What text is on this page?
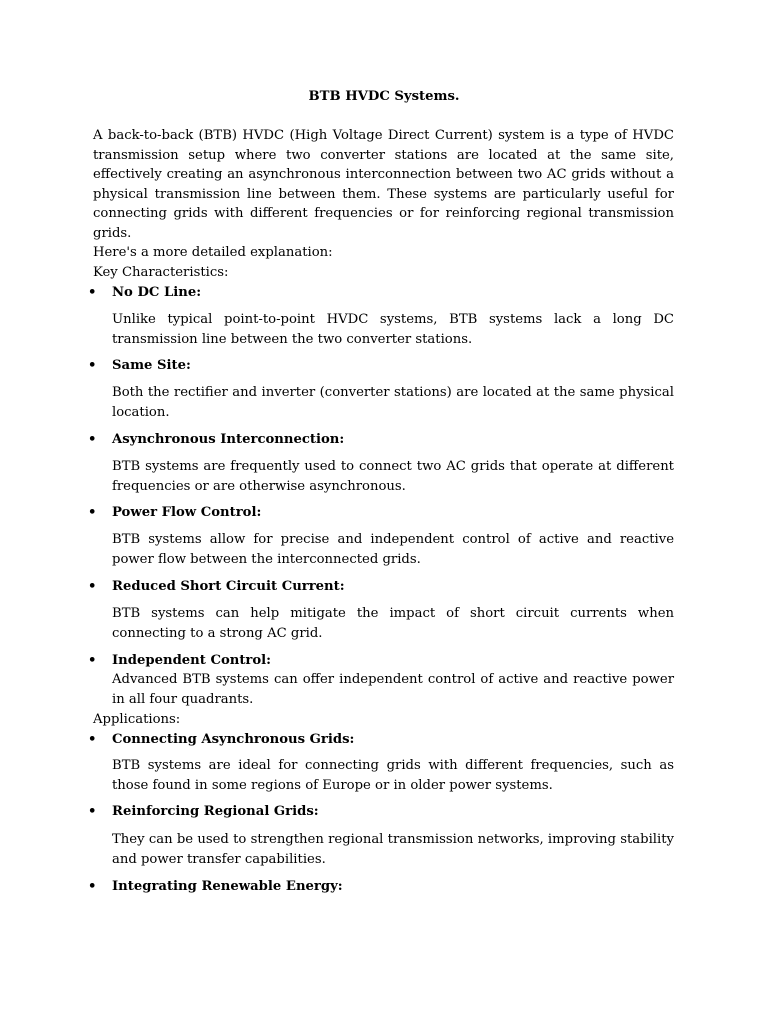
BTB HVDC Systems.

A back-to-back (BTB) HVDC (High Voltage Direct Current) system is a type of HVDC transmission setup where two converter stations are located at the same site, effectively creating an asynchronous interconnection between two AC grids without a physical transmission line between them. These systems are particularly useful for connecting grids with different frequencies or for reinforcing regional transmission grids.

Here's a more detailed explanation:
Key Characteristics:
• No DC Line:

Unlike typical point-to-point HVDC systems, BTB systems lack a long DC transmission line between the two converter stations.

• Same Site:

Both the rectifier and inverter (converter stations) are located at the same physical location.

• Asynchronous Interconnection:

BTB systems are frequently used to connect two AC grids that operate at different frequencies or are otherwise asynchronous.

• Power Flow Control:

BTB systems allow for precise and independent control of active and reactive power flow between the interconnected grids.

• Reduced Short Circuit Current:

BTB systems can help mitigate the impact of short circuit currents when connecting to a strong AC grid.

• Independent Control:

Advanced BTB systems can offer independent control of active and reactive power in all four quadrants.

Applications:
• Connecting Asynchronous Grids:

BTB systems are ideal for connecting grids with different frequencies, such as those found in some regions of Europe or in older power systems.

• Reinforcing Regional Grids:

They can be used to strengthen regional transmission networks, improving stability and power transfer capabilities.

• Integrating Renewable Energy:
